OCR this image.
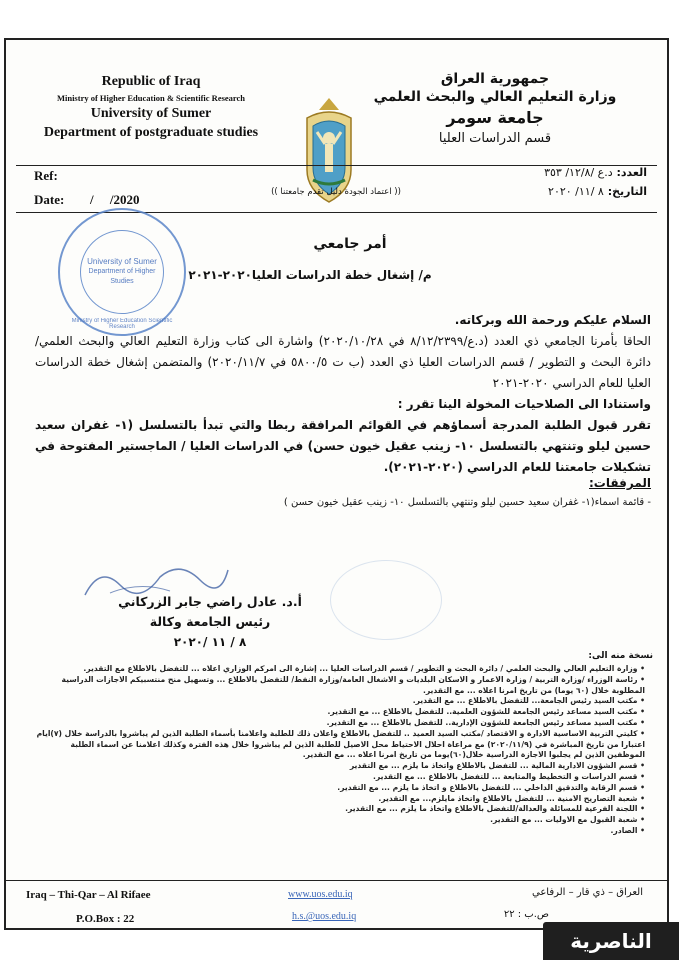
Republic of Iraq
Ministry of Higher Education & Scientific Research
University of Sumer
Department of postgraduate studies
جمهورية العراق
وزارة التعليم العالي والبحث العلمي
جامعة سومر
قسم الدراسات العليا
Ref:
Date: /     /2020	(( اعتماد الجودة دليل تقدم جامعتنا ))
العدد: د.ع /١٢/٨/ ٣٥٣
التاريخ: ٨ /١١/ ٢٠٢٠
University of Sumer
Department of Higher Studies
Ministry of Higher Education Scientific Research
أمر جامعي
م/ إشغال خطة الدراسات العليا٢٠٢٠-٢٠٢١
السلام عليكم ورحمة الله وبركاته.
الحاقا بأمرنا الجامعي ذي العدد (د.ع/٨/١٢/٢٣٩٩ في ٢٠٢٠/١٠/٢٨) واشارة الى كتاب وزارة التعليم العالي والبحث العلمي/ دائرة البحث و التطوير / قسم الدراسات العليا ذي العدد (ب ت ٥٨٠٠/٥ في ٢٠٢٠/١١/٧) والمتضمن إشغال خطة الدراسات العليا للعام الدراسي ٢٠٢٠-٢٠٢١
واستنادا الى الصلاحيات المخولة الينا تقرر :
تقرر قبول الطلبة المدرجة أسماؤهم في القوائم المرافقة ربطا والتي تبدأ بالتسلسل (١- غفران سعيد حسين ليلو وتنتهي بالتسلسل ١٠- زينب عقيل خيون حسن) في الدراسات العليا / الماجستير المفتوحة في تشكيلات جامعتنا للعام الدراسي (٢٠٢٠-٢٠٢١).
المرفقات:
- قائمة اسماء(١- غفران سعيد حسين ليلو وتنتهي بالتسلسل ١٠- زينب عقيل خيون حسن )
أ.د. عادل راضي جابر الزركاني
رئيس الجامعة وكالة
٨ / ١١ /٢٠٢٠
نسخة منه الى:
• وزارة التعليم العالي والبحث العلمي / دائرة البحث و التطوير / قسم الدراسات العليا ... إشارة الى امركم الوزاري اعلاه ... للتفضل بالاطلاع مع التقدير.
• رئاسة الوزراء /وزارة التربية / وزارة الاعمار و الاسكان البلديات و الاشغال العامة/وزارة النفط/ للتفضل بالاطلاع ... وتسهيل منح منتسبيكم الاجازات الدراسية المطلوبة خلال (٦٠ يوما) من تاريخ امرنا اعلاه ... مع التقدير.
• مكتب السيد رئيس الجامعة... للتفضل بالاطلاع ... مع التقدير.
• مكتب السيد مساعد رئيس الجامعة للشؤون العلمية.. للتفضل بالاطلاع ... مع التقدير.
• مكتب السيد مساعد رئيس الجامعة للشؤون الإدارية.. للتفضل بالاطلاع ... مع التقدير.
• كليتي التربية الاساسية الادارة و الاقتصاد /مكتب السيد العميد .. للتفضل بالاطلاع واعلان ذلك للطلبة واعلامنا بأسماء الطلبة الذين لم يباشروا بالدراسة خلال (٧)ايام اعتبارا من تاريخ المباشرة في (٢٠٢٠/١١/٩) مع مراعاة احلال الاحتياط محل الاصيل للطلبة الذين لم يباشروا خلال هذه الفترة وكذلك اعلامنا عن اسماء الطلبة الموظفين الذين لم يجلبوا الاجازة الدراسية خلال(٦٠)يوما من تاريخ امرنا اعلاه ... مع التقدير.
• قسم الشؤون الادارية المالية ... للتفضل بالاطلاع واتخاذ ما يلزم ... مع التقدير
• قسم الدراسات و التخطيط والمتابعة ... للتفضل بالاطلاع ... مع التقدير.
• قسم الرقابة والتدقيق الداخلي ... للتفضل بالاطلاع و اتخاذ ما يلزم ... مع التقدير.
• شعبة التصاريح الامنية ... للتفضل بالاطلاع واتخاذ مايلزم... مع التقدير.
• اللجنة الفرعية للمسائلة والعدالة/للتفضل بالاطلاع واتخاذ ما يلزم ... مع التقدير.
• شعبة القبول مع الاوليات ... مع التقدير.
• الصادر.
Iraq – Thi-Qar – Al Rifaee
P.O.Box : 22
www.uos.edu.iq
h.s.@uos.edu.iq
العراق – ذي قار – الرفاعي
ص.ب : ٢٢
الناصرية
